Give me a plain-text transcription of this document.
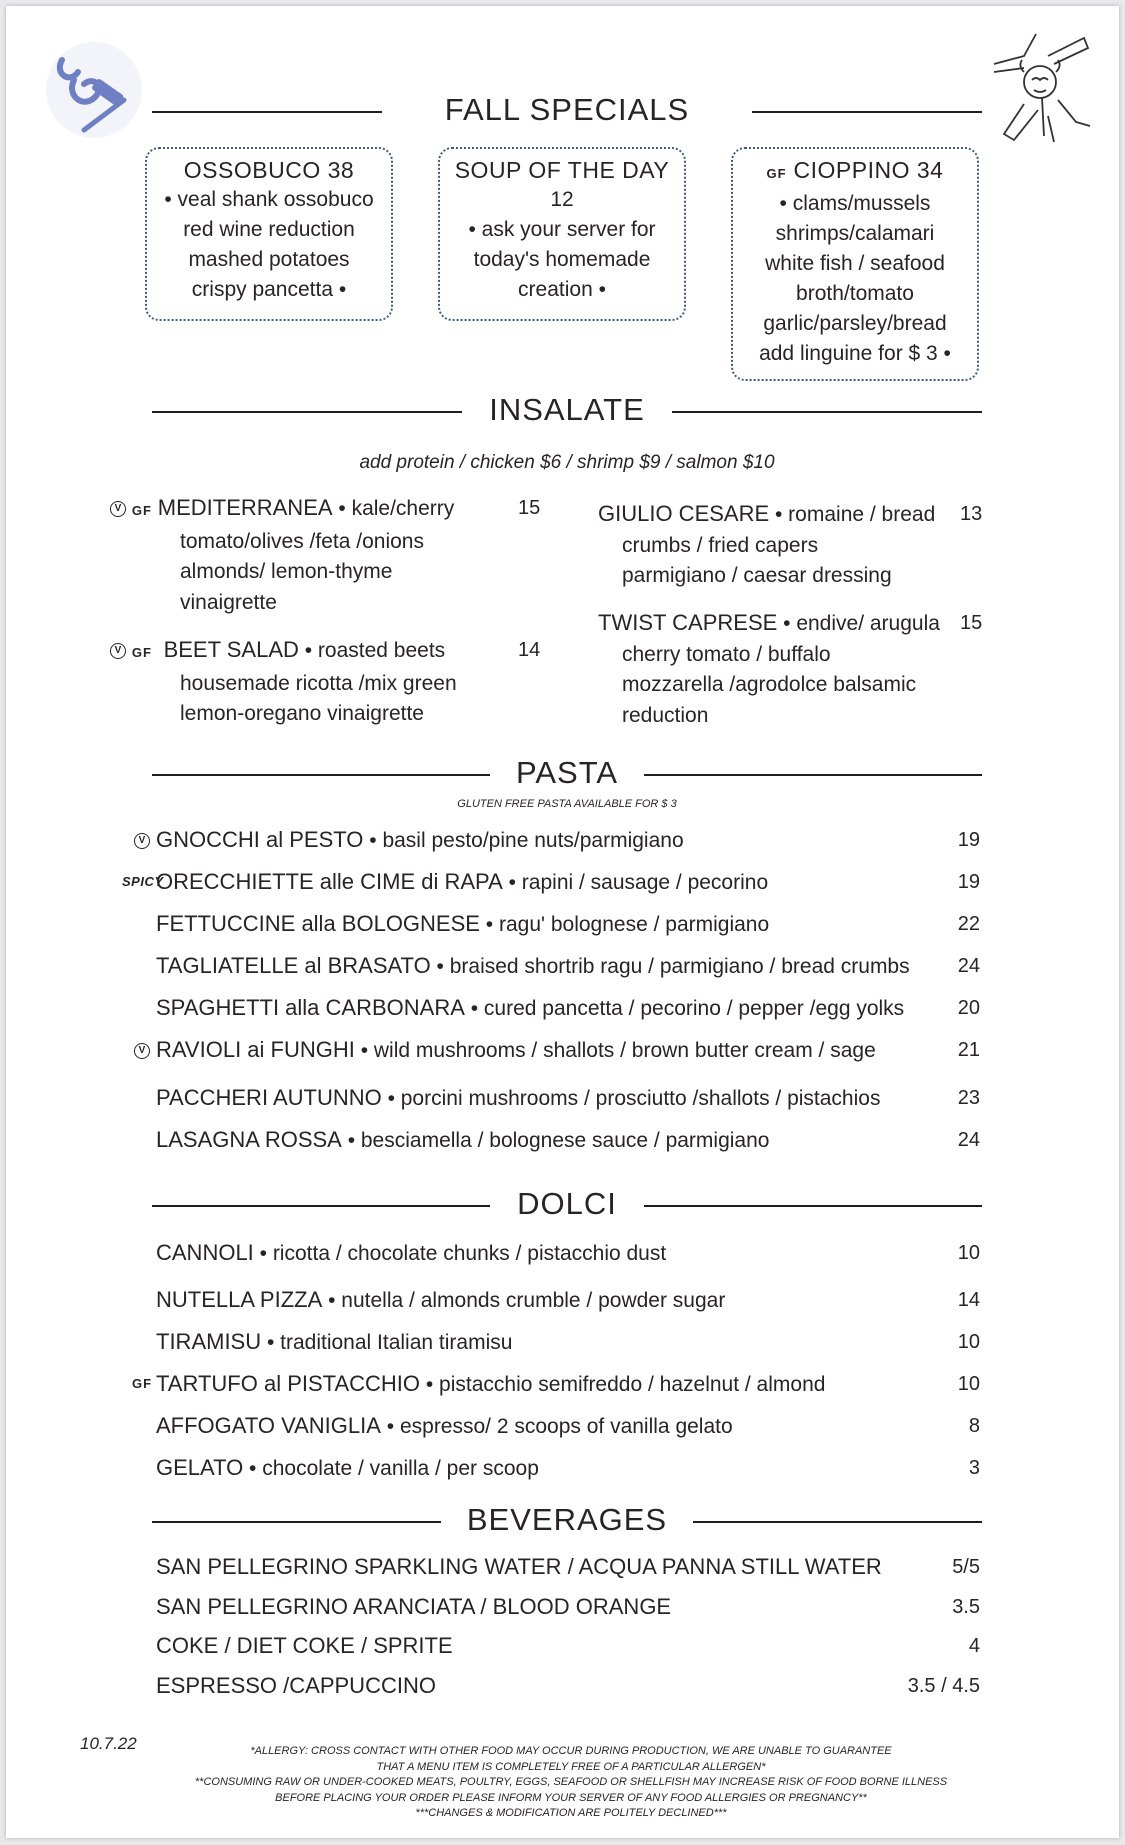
FALL SPECIALS
OSSOBUCO 38
• veal shank ossobuco
red wine reduction
mashed potatoes
crispy pancetta •
SOUP OF THE DAY
12
• ask your server for
today's homemade
creation •
GF CIOPPINO 34
• clams/mussels
shrimps/calamari
white fish / seafood
broth/tomato
garlic/parsley/bread
add linguine for $ 3 •
INSALATE
add protein / chicken $6 / shrimp $9 / salmon $10
V GF MEDITERRANEA • kale/cherry
tomato/olives /feta /onions
almonds/ lemon-thyme
vinaigrette
15
V GF BEET SALAD • roasted beets
housemade ricotta /mix green
lemon-oregano vinaigrette
14
GIULIO CESARE • romaine / bread
crumbs / fried capers
parmigiano / caesar dressing
13
TWIST CAPRESE • endive/ arugula
cherry tomato / buffalo
mozzarella /agrodolce balsamic
reduction
15
PASTA
GLUTEN FREE PASTA AVAILABLE FOR $ 3
V GNOCCHI al PESTO • basil pesto/pine nuts/parmigiano	19
SPICY
ORECCHIETTE alle CIME di RAPA • rapini / sausage / pecorino	19
FETTUCCINE alla BOLOGNESE • ragu' bolognese / parmigiano	22
TAGLIATELLE al BRASATO • braised shortrib ragu / parmigiano / bread crumbs 24
SPAGHETTI alla CARBONARA • cured pancetta / pecorino / pepper /egg yolks	20
V RAVIOLI ai FUNGHI • wild mushrooms / shallots / brown butter cream / sage	21
PACCHERI AUTUNNO • porcini mushrooms / prosciutto /shallots / pistachios	23
LASAGNA ROSSA • besciamella / bolognese sauce / parmigiano	24
DOLCI
CANNOLI • ricotta / chocolate chunks / pistacchio dust	10
NUTELLA PIZZA • nutella / almonds crumble / powder sugar	14
TIRAMISU • traditional Italian tiramisu	10
GF TARTUFO al PISTACCHIO • pistacchio semifreddo / hazelnut / almond	10
AFFOGATO VANIGLIA • espresso/ 2 scoops of vanilla gelato	8
GELATO • chocolate / vanilla / per scoop	3
BEVERAGES
SAN PELLEGRINO SPARKLING WATER / ACQUA PANNA STILL WATER	5/5
SAN PELLEGRINO ARANCIATA / BLOOD ORANGE	3.5
COKE / DIET COKE / SPRITE	4
ESPRESSO /CAPPUCCINO	3.5 / 4.5
10.7.22	*ALLERGY: CROSS CONTACT WITH OTHER FOOD MAY OCCUR DURING PRODUCTION, WE ARE UNABLE TO GUARANTEE
THAT A MENU ITEM IS COMPLETELY FREE OF A PARTICULAR ALLERGEN*
**CONSUMING RAW OR UNDER-COOKED MEATS, POULTRY, EGGS, SEAFOOD OR SHELLFISH MAY INCREASE RISK OF FOOD BORNE ILLNESS
BEFORE PLACING YOUR ORDER PLEASE INFORM YOUR SERVER OF ANY FOOD ALLERGIES OR PREGNANCY**
***CHANGES & MODIFICATION ARE POLITELY DECLINED***
